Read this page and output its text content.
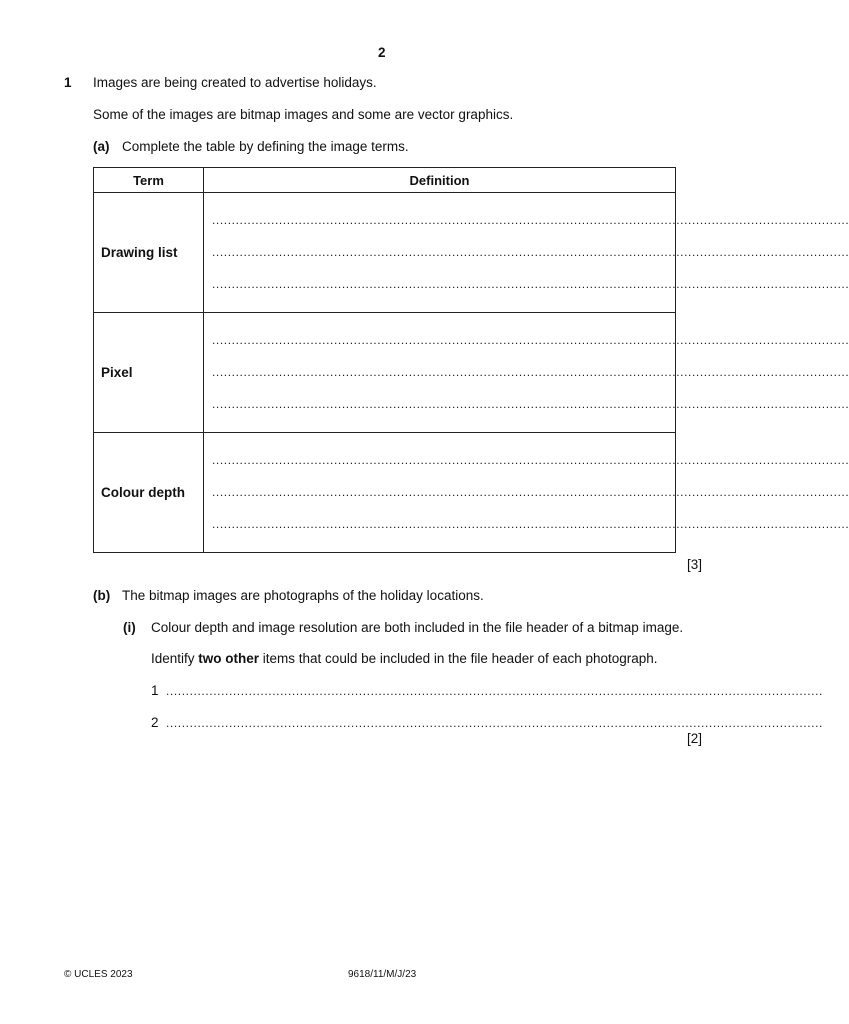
2
1 Images are being created to advertise holidays.
Some of the images are bitmap images and some are vector graphics.
(a) Complete the table by defining the image terms.
Term	Definition
Drawing list	..................................................................................................................................................................
..................................................................................................................................................................
..................................................................................................................................................................

Pixel	..................................................................................................................................................................
..................................................................................................................................................................
..................................................................................................................................................................

Colour depth	..................................................................................................................................................................
..................................................................................................................................................................
..................................................................................................................................................................
[3]
(b) The bitmap images are photographs of the holiday locations.
(i) Colour depth and image resolution are both included in the file header of a bitmap image.
Identify two other items that could be included in the file header of each photograph.
1 .......................................................................................................................................................................
2 .......................................................................................................................................................................
[2]
© UCLES 2023	9618/11/M/J/23
